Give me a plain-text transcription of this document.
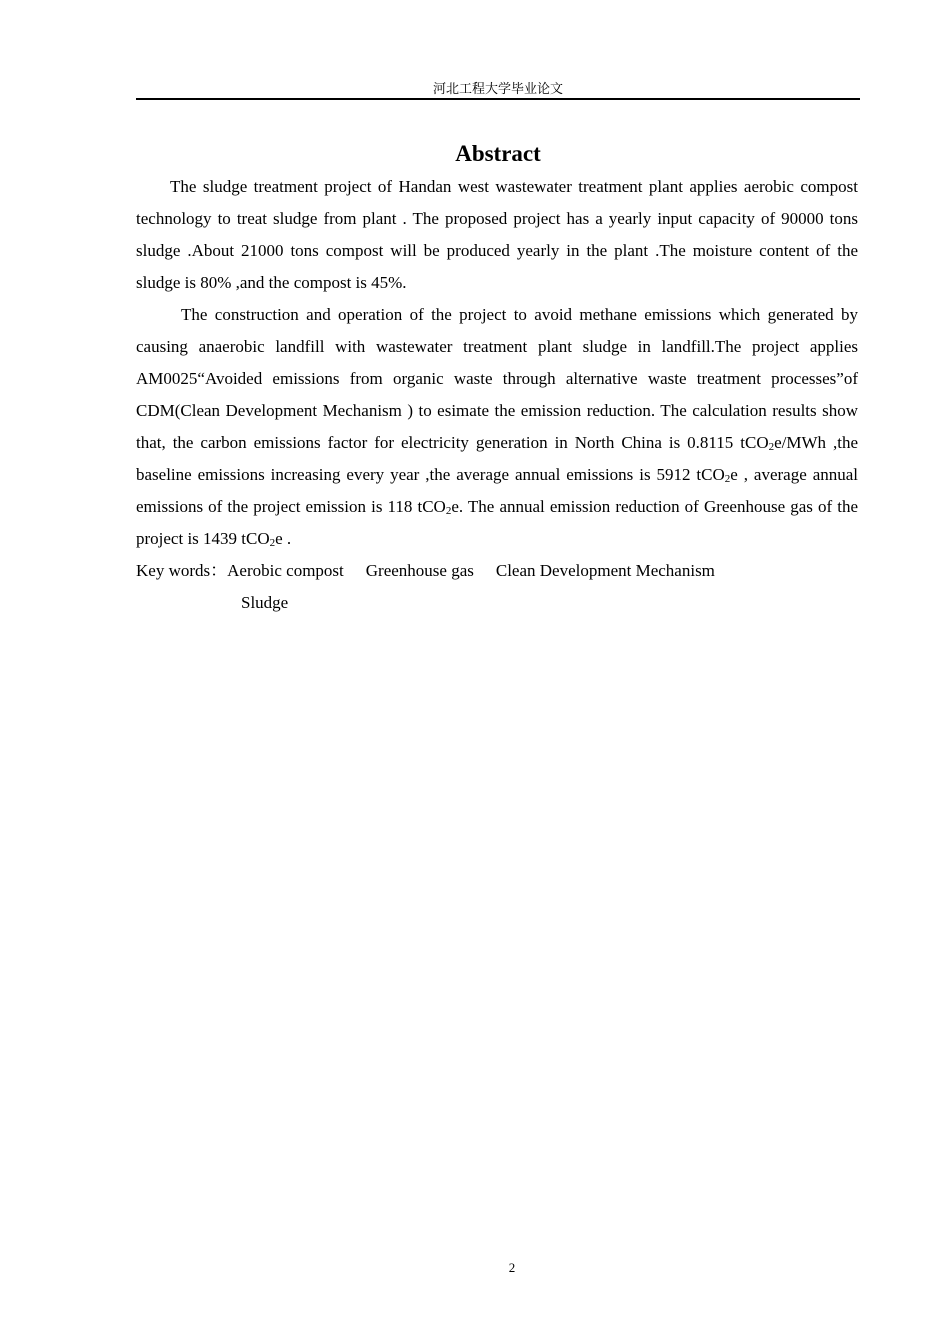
河北工程大学毕业论文
Abstract

The sludge treatment project of Handan west wastewater treatment plant applies aerobic compost technology to treat sludge from plant . The proposed project has a yearly input capacity of 90000 tons sludge .About 21000 tons compost will be produced yearly in the plant .The moisture content of the sludge is 80% ,and the compost is 45%.

The construction and operation of the project to avoid methane emissions which generated by causing anaerobic landfill with wastewater treatment plant sludge in landfill.The project applies AM0025“Avoided emissions from organic waste through alternative waste treatment processes”of CDM(Clean Development Mechanism ) to esimate the emission reduction. The calculation results show that, the carbon emissions factor for electricity generation in North China is 0.8115 tCO$_2$e/MWh ,the baseline emissions increasing every year ,the average annual emissions is 5912 tCO$_2$e , average annual emissions of the project emission is 118 tCO$_2$e. The annual emission reduction of Greenhouse gas of the project is 1439 tCO$_2$e .

Key words：Aerobic compost Greenhouse gas Clean Development Mechanism

Sludge

2
